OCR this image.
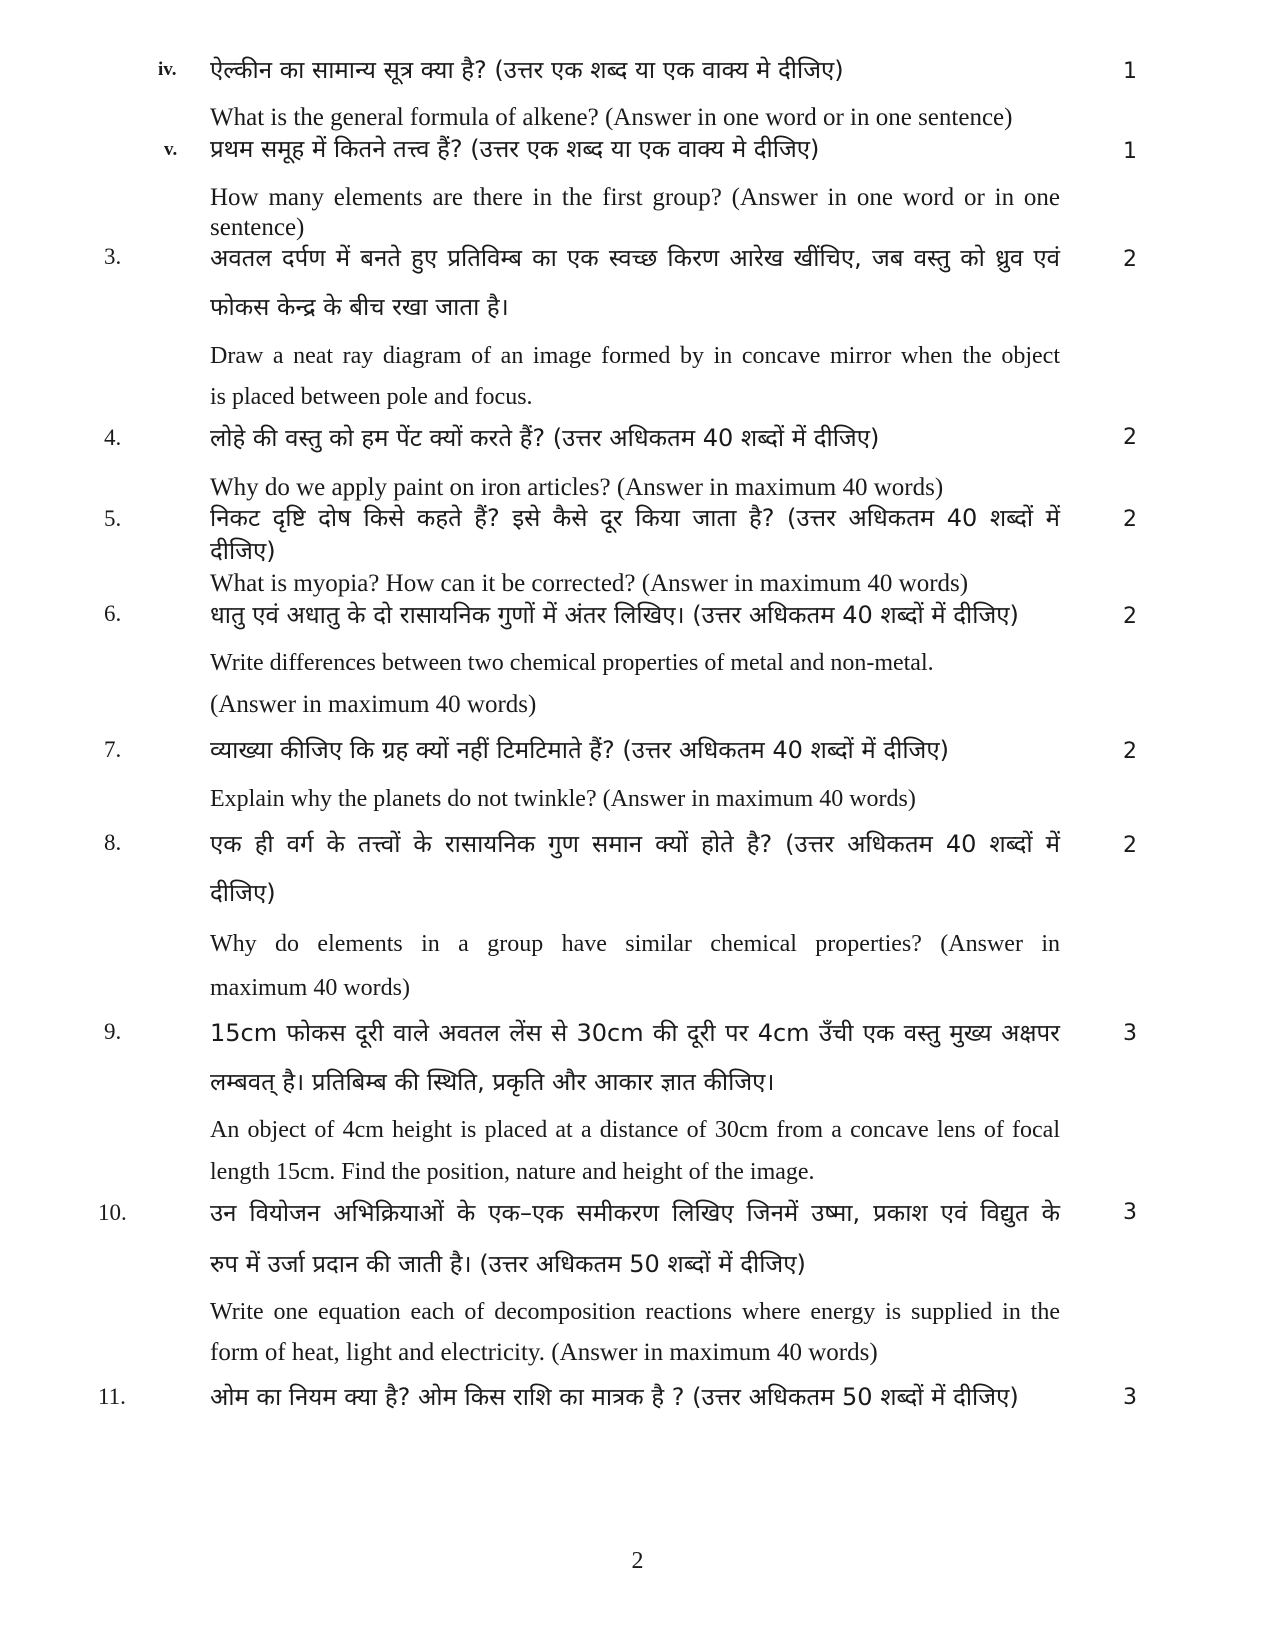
iv. ऐल्कीन का सामान्य सूत्र क्या है? (उत्तर एक शब्द या एक वाक्य मे दीजिए)	1
What is the general formula of alkene? (Answer in one word or in one sentence)
v. प्रथम समूह में कितने तत्त्व हैं? (उत्तर एक शब्द या एक वाक्य मे दीजिए)	1
How many elements are there in the first group? (Answer in one word or in one
sentence)
3.	अवतल दर्पण में बनते हुए प्रतिविम्ब का एक स्वच्छ किरण आरेख खींचिए, जब वस्तु को ध्रुव एवं	2
फोकस केन्द्र के बीच रखा जाता है।
Draw a neat ray diagram of an image formed by in concave mirror when the object
is placed between pole and focus.
4.	लोहे की वस्तु को हम पेंट क्यों करते हैं? (उत्तर अधिकतम 40 शब्दों में दीजिए)	2
Why do we apply paint on iron articles? (Answer in maximum 40 words)
5.	निकट दृष्टि दोष किसे कहते हैं? इसे कैसे दूर किया जाता है? (उत्तर अधिकतम 40 शब्दों में	2
दीजिए)
What is myopia? How can it be corrected? (Answer in maximum 40 words)
6.	धातु एवं अधातु के दो रासायनिक गुणों में अंतर लिखिए। (उत्तर अधिकतम 40 शब्दों में दीजिए)	2
Write differences between two chemical properties of metal and non-metal.
(Answer in maximum 40 words)
7.	व्याख्या कीजिए कि ग्रह क्यों नहीं टिमटिमाते हैं? (उत्तर अधिकतम 40 शब्दों में दीजिए)	2
Explain why the planets do not twinkle? (Answer in maximum 40 words)
8.	एक ही वर्ग के तत्त्वों के रासायनिक गुण समान क्यों होते है? (उत्तर अधिकतम 40 शब्दों में	2
दीजिए)
Why do elements in a group have similar chemical properties? (Answer in
maximum 40 words)
9.	15cm फोकस दूरी वाले अवतल लेंस से 30cm की दूरी पर 4cm उँची एक वस्तु मुख्य अक्षपर	3
लम्बवत् है। प्रतिबिम्ब की स्थिति, प्रकृति और आकार ज्ञात कीजिए।
An object of 4cm height is placed at a distance of 30cm from a concave lens of focal
length 15cm. Find the position, nature and height of the image.
10.	उन वियोजन अभिक्रियाओं के एक–एक समीकरण लिखिए जिनमें उष्मा, प्रकाश एवं विद्युत के	3
रुप में उर्जा प्रदान की जाती है। (उत्तर अधिकतम 50 शब्दों में दीजिए)
Write one equation each of decomposition reactions where energy is supplied in the
form of heat, light and electricity. (Answer in maximum 40 words)
11.	ओम का नियम क्या है? ओम किस राशि का मात्रक है ? (उत्तर अधिकतम 50 शब्दों में दीजिए)	3
2
